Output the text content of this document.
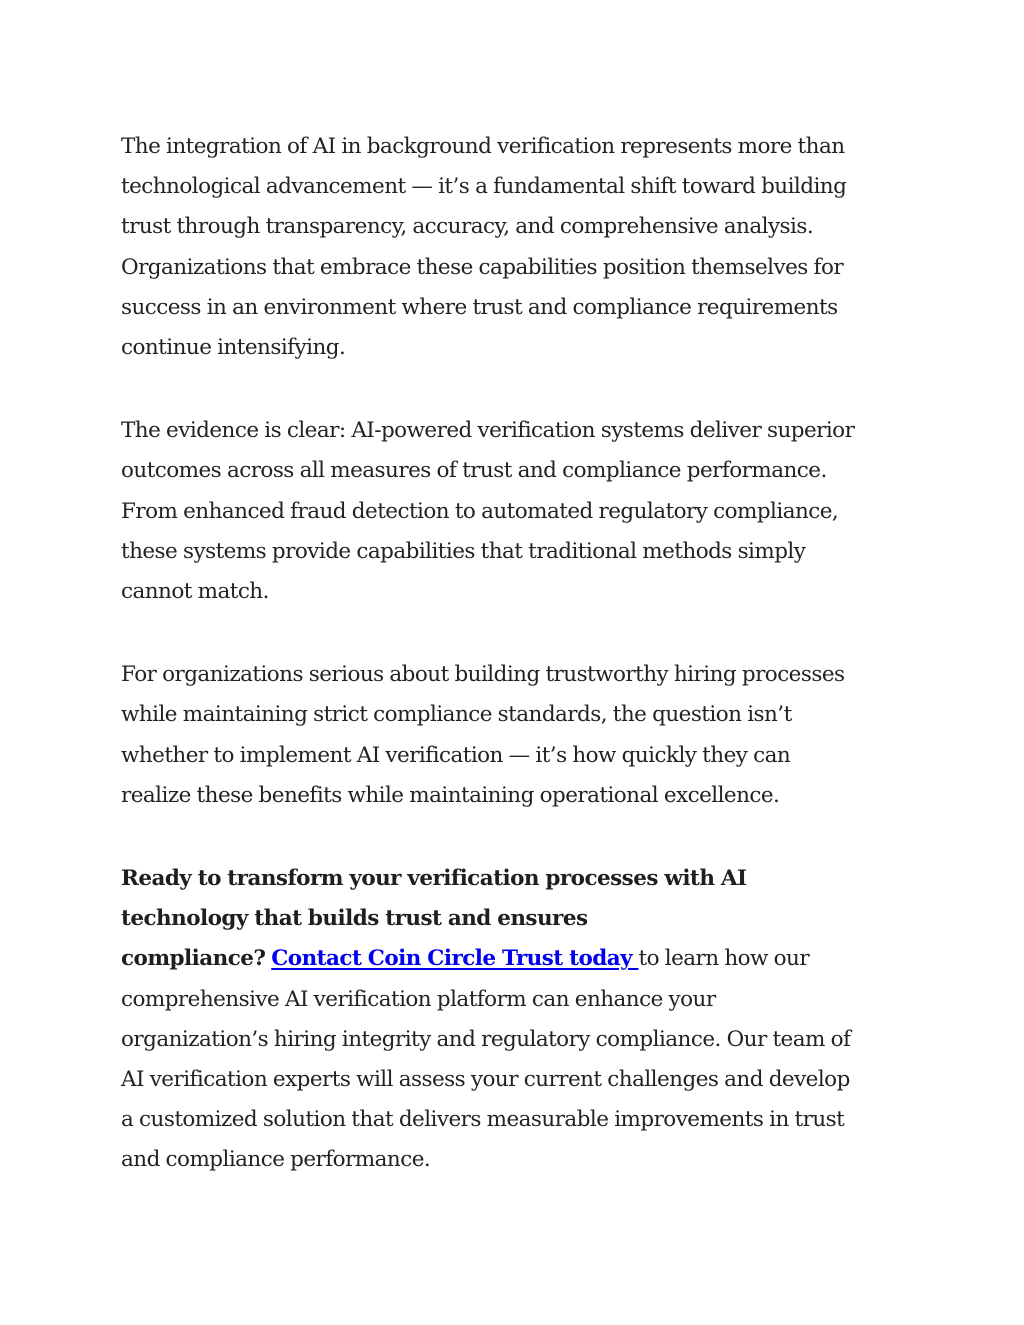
The integration of AI in background verification represents more than
technological advancement — it’s a fundamental shift toward building
trust through transparency, accuracy, and comprehensive analysis.
Organizations that embrace these capabilities position themselves for
success in an environment where trust and compliance requirements
continue intensifying.

The evidence is clear: AI-powered verification systems deliver superior
outcomes across all measures of trust and compliance performance.
From enhanced fraud detection to automated regulatory compliance,
these systems provide capabilities that traditional methods simply
cannot match.

For organizations serious about building trustworthy hiring processes
while maintaining strict compliance standards, the question isn’t
whether to implement AI verification — it’s how quickly they can
realize these benefits while maintaining operational excellence.

Ready to transform your verification processes with AI
technology that builds trust and ensures
compliance? Contact Coin Circle Trust today to learn how our
comprehensive AI verification platform can enhance your
organization’s hiring integrity and regulatory compliance. Our team of
AI verification experts will assess your current challenges and develop
a customized solution that delivers measurable improvements in trust
and compliance performance.
